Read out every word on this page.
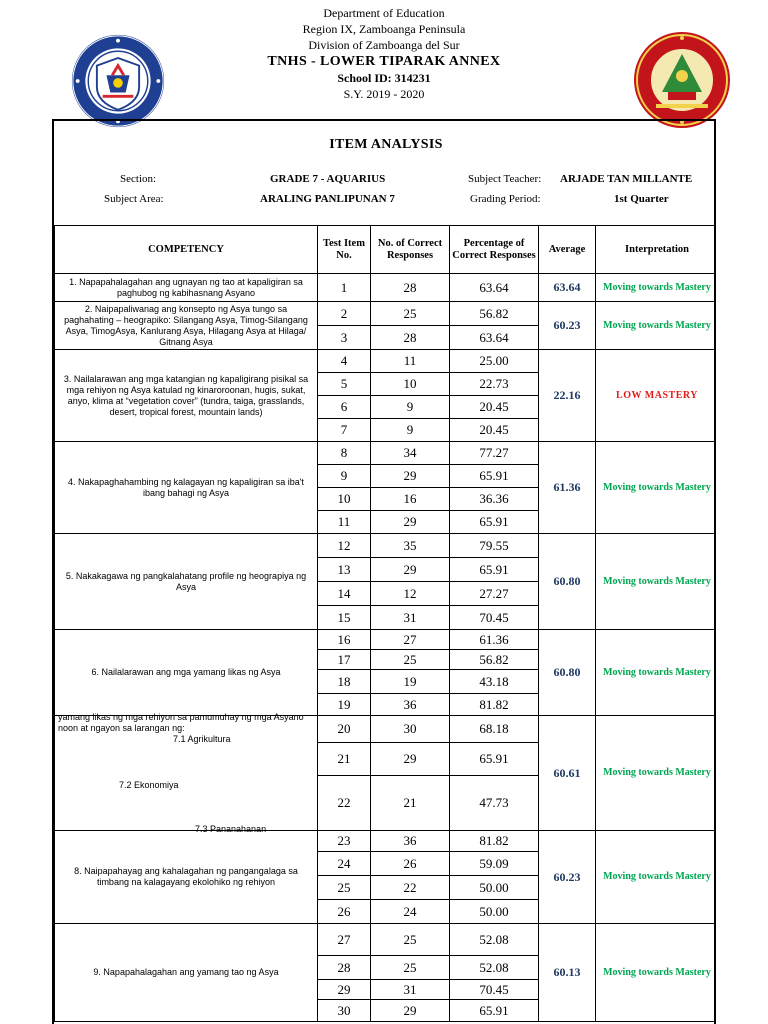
Department of Education
Region IX, Zamboanga Peninsula
Division of Zamboanga del Sur
TNHS - LOWER TIPARAK ANNEX
School ID: 314231
S.Y. 2019 - 2020
ITEM ANALYSIS
Section:	GRADE 7 - AQUARIUS	Subject Teacher: ARJADE TAN MILLANTE
Subject Area:	ARALING PANLIPUNAN 7	Grading Period:	1st Quarter
COMPETENCY	Test Item No.	No. of Correct Responses	Percentage of Correct Responses	Average	Interpretation
1. Napapahalagahan ang ugnayan ng tao at kapaligiran sa paghubog ng kabihasnang Asyano	1	28	63.64	63.64	Moving towards Mastery
2. Naipapaliwanag ang konsepto ng Asya tungo sa paghahating – heograpiko: Silangang Asya, Timog-Silangang Asya, TimogAsya, Kanlurang Asya, Hilagang Asya at Hilaga/ Gitnang Asya	2	25	56.82	60.23	Moving towards Mastery
	3	28	63.64		
3. Nailalarawan ang mga katangian ng kapaligirang pisikal sa mga rehiyon ng Asya katulad ng kinaroroonan, hugis, sukat, anyo, klima at “vegetation cover” (tundra, taiga, grasslands, desert, tropical forest, mountain lands)	4	11	25.00	22.16	LOW MASTERY
	5	10	22.73		
	6	9	20.45		
	7	9	20.45		
4. Nakapaghahambing ng kalagayan ng kapaligiran sa iba't ibang bahagi ng Asya	8	34	77.27	61.36	Moving towards Mastery
	9	29	65.91		
	10	16	36.36		
	11	29	65.91		
5. Nakakagawa ng pangkalahatang profile ng heograpiya ng Asya	12	35	79.55	60.80	Moving towards Mastery
	13	29	65.91		
	14	12	27.27		
	15	31	70.45		
6. Nailalarawan ang mga yamang likas ng Asya	16	27	61.36	60.80	Moving towards Mastery
	17	25	56.82		
	18	19	43.18		
	19	36	81.82		

yamang likas ng mga rehiyon sa pamumuhay ng mga Asyano noon at ngayon sa larangan ng:
7.1 Agrikultura
7.2 Ekonomiya
7.3 Pananahanan	20	30	68.18	60.61	Moving towards Mastery
	21	29	65.91		
	22	21	47.73		
8. Naipapahayag ang kahalagahan ng pangangalaga sa timbang na kalagayang ekolohiko ng rehiyon	23	36	81.82	60.23	Moving towards Mastery
	24	26	59.09		
	25	22	50.00		
	26	24	50.00		
9. Napapahalagahan ang yamang tao ng Asya	27	25	52.08	60.13	Moving towards Mastery
	28	25	52.08		
	29	31	70.45		
	30	29	65.91		
